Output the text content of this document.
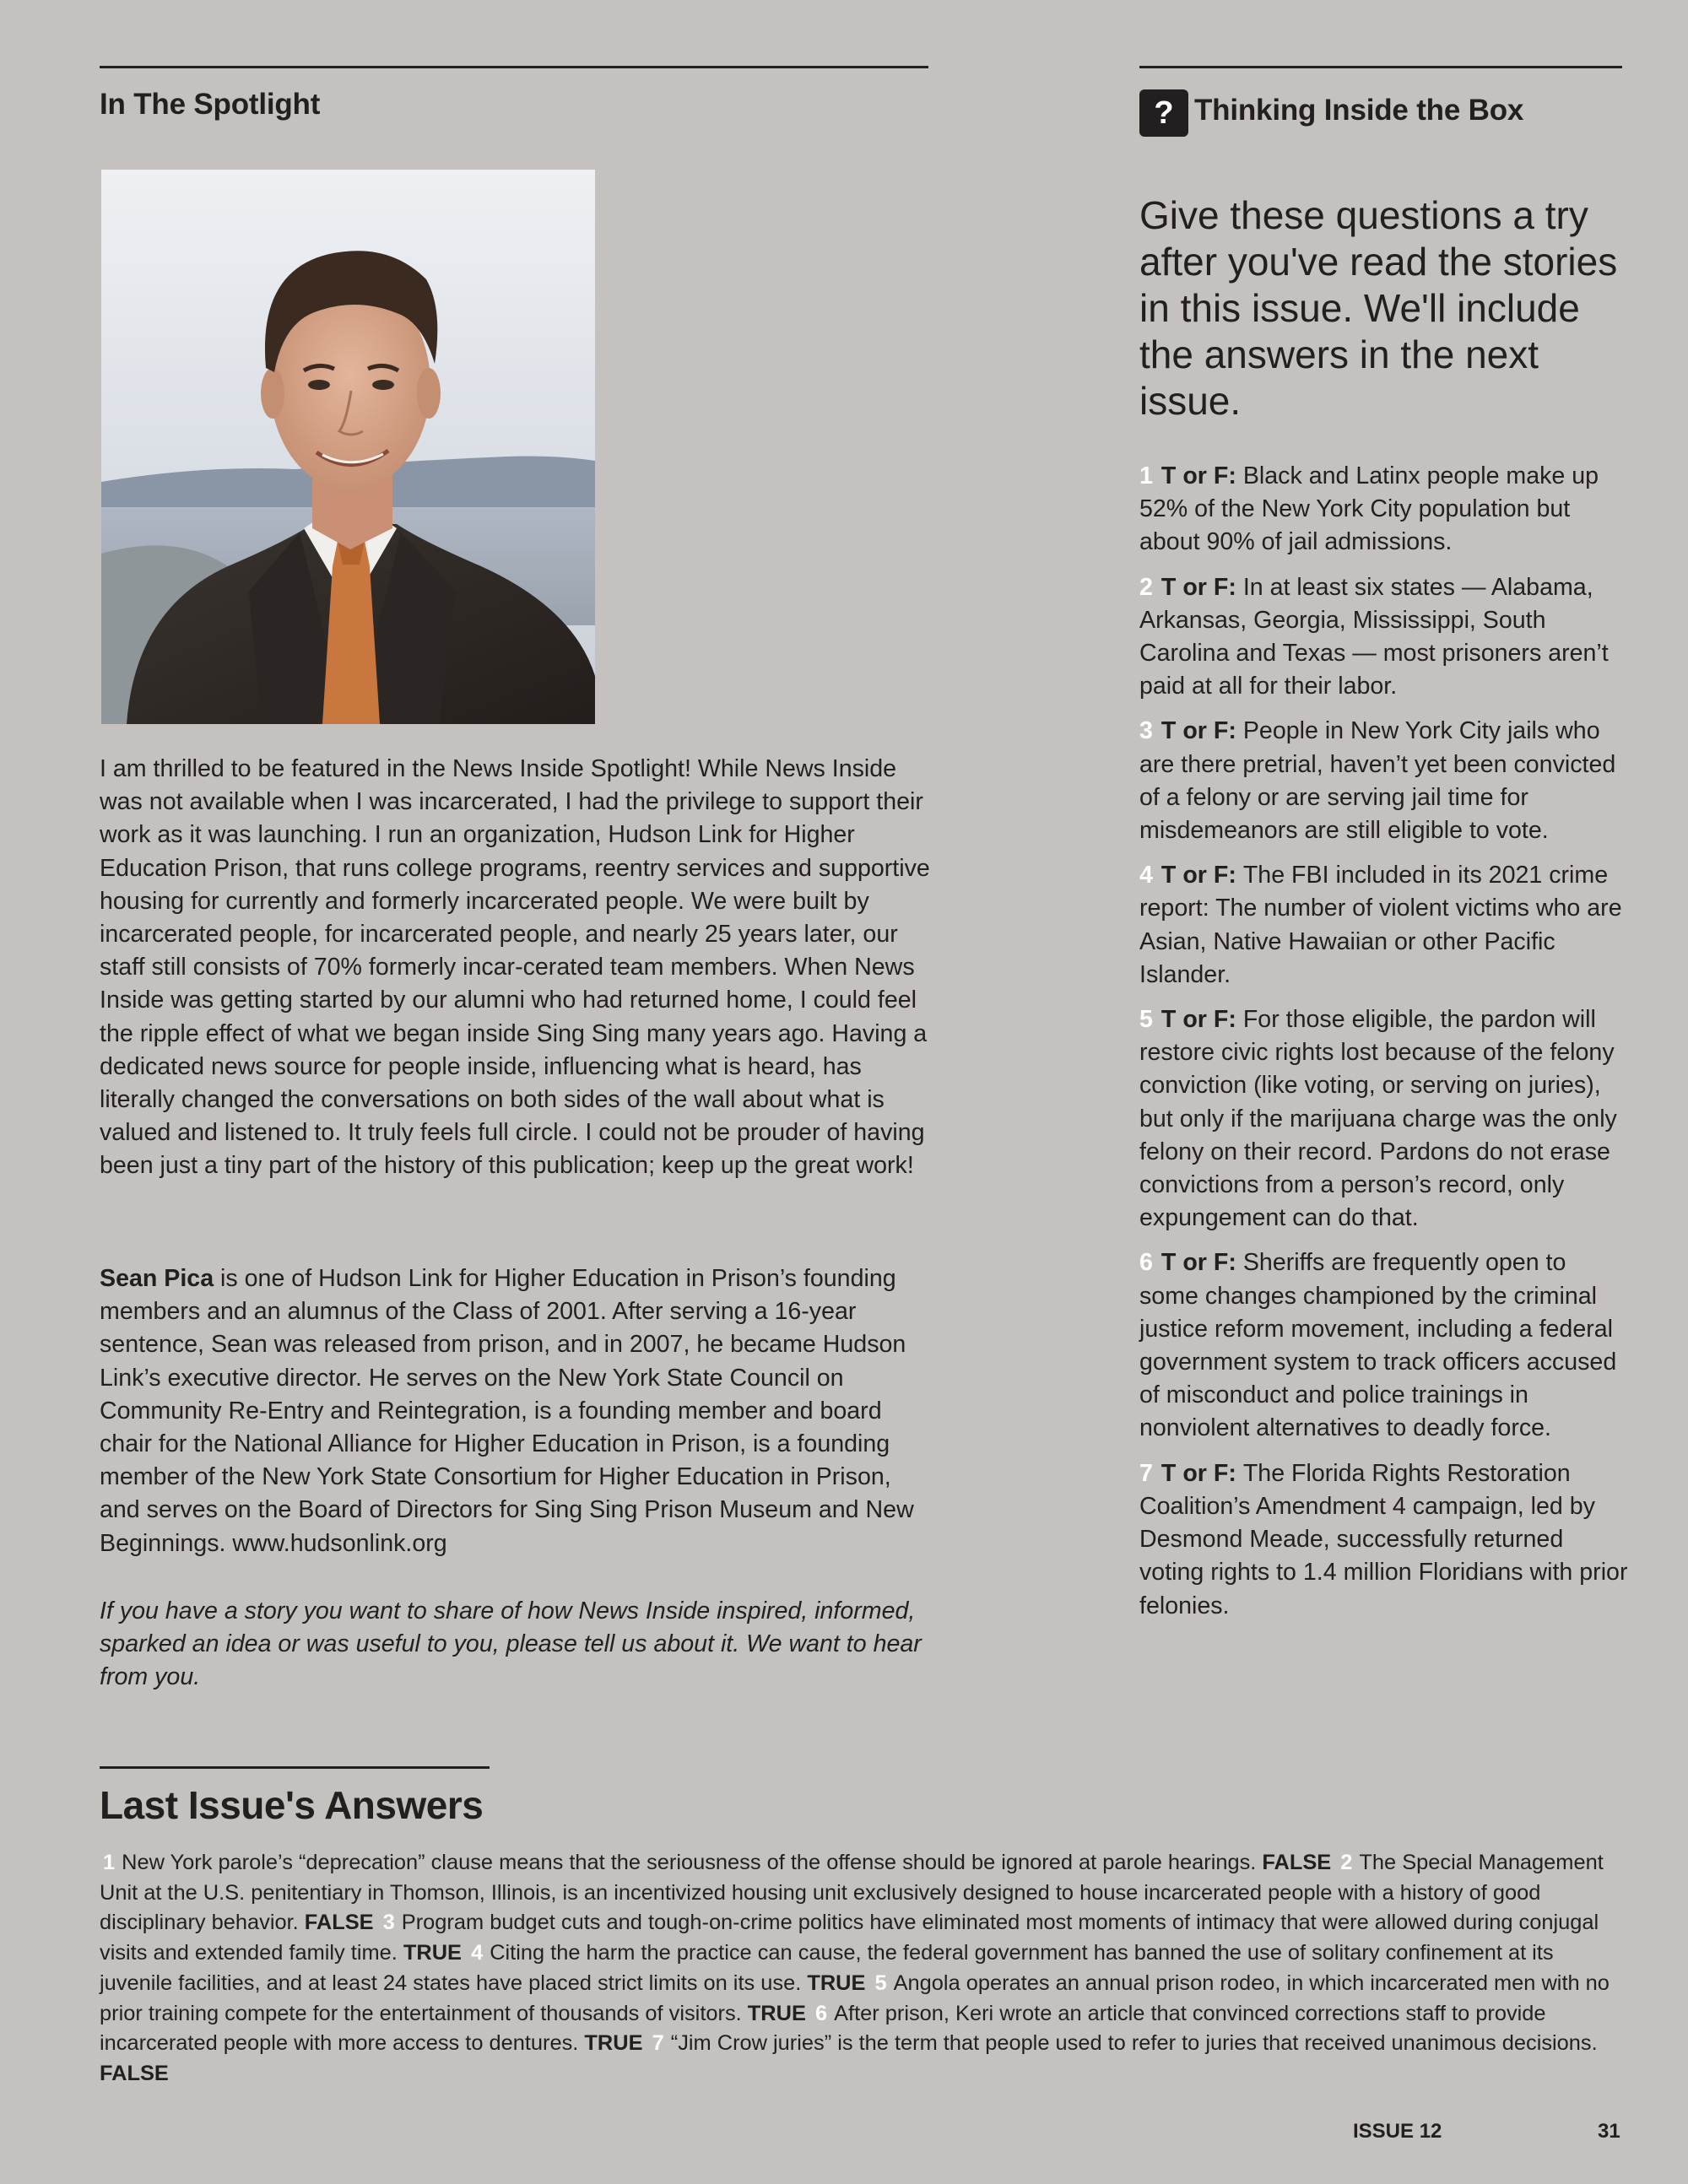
In The Spotlight

I am thrilled to be featured in the News Inside Spotlight! While News Inside was not available when I was incarcerated, I had the privilege to support their work as it was launching. I run an organization, Hudson Link for Higher Education Prison, that runs college programs, reentry services and supportive housing for currently and formerly incarcerated people. We were built by incarcerated people, for incarcerated people, and nearly 25 years later, our staff still consists of 70% formerly incar-cerated team members. When News Inside was getting started by our alumni who had returned home, I could feel the ripple effect of what we began inside Sing Sing many years ago. Having a dedicated news source for people inside, influencing what is heard, has literally changed the conversations on both sides of the wall about what is valued and listened to. It truly feels full circle. I could not be prouder of having been just a tiny part of the history of this publication; keep up the great work!

Sean Pica is one of Hudson Link for Higher Education in Prison’s founding members and an alumnus of the Class of 2001. After serving a 16-year sentence, Sean was released from prison, and in 2007, he became Hudson Link’s executive director. He serves on the New York State Council on Community Re-Entry and Reintegration, is a founding member and board chair for the National Alliance for Higher Education in Prison, is a founding member of the New York State Consortium for Higher Education in Prison, and serves on the Board of Directors for Sing Sing Prison Museum and New Beginnings. www.hudsonlink.org

If you have a story you want to share of how News Inside inspired, informed, sparked an idea or was useful to you, please tell us about it. We want to hear from you.

? Thinking Inside the Box

Give these questions a try after you've read the stories in this issue. We'll include the answers in the next issue.

1 T or F: Black and Latinx people make up 52% of the New York City population but about 90% of jail admissions.
2 T or F: In at least six states — Alabama, Arkansas, Georgia, Mississippi, South Carolina and Texas — most prisoners aren’t paid at all for their labor.
3 T or F: People in New York City jails who are there pretrial, haven’t yet been convicted of a felony or are serving jail time for misdemeanors are still eligible to vote.
4 T or F: The FBI included in its 2021 crime report: The number of violent victims who are Asian, Native Hawaiian or other Pacific Islander.
5 T or F: For those eligible, the pardon will restore civic rights lost because of the felony conviction (like voting, or serving on juries), but only if the marijuana charge was the only felony on their record. Pardons do not erase convictions from a person’s record, only expungement can do that.
6 T or F: Sheriffs are frequently open to some changes championed by the criminal justice reform movement, including a federal government system to track officers accused of misconduct and police trainings in nonviolent alternatives to deadly force.
7 T or F: The Florida Rights Restoration Coalition’s Amendment 4 campaign, led by Desmond Meade, successfully returned voting rights to 1.4 million Floridians with prior felonies.
Last Issue's Answers

1 New York parole’s “deprecation” clause means that the seriousness of the offense should be ignored at parole hearings. FALSE 2 The Special Management Unit at the U.S. penitentiary in Thomson, Illinois, is an incentivized housing unit exclusively designed to house incarcerated people with a history of good disciplinary behavior. FALSE 3 Program budget cuts and tough-on-crime politics have eliminated most moments of intimacy that were allowed during conjugal visits and extended family time. TRUE 4 Citing the harm the practice can cause, the federal government has banned the use of solitary confinement at its juvenile facilities, and at least 24 states have placed strict limits on its use. TRUE 5 Angola operates an annual prison rodeo, in which incarcerated men with no prior training compete for the entertainment of thousands of visitors. TRUE 6 After prison, Keri wrote an article that convinced corrections staff to provide incarcerated people with more access to dentures. TRUE 7 “Jim Crow juries” is the term that people used to refer to juries that received unanimous decisions. FALSE

ISSUE 12	31
